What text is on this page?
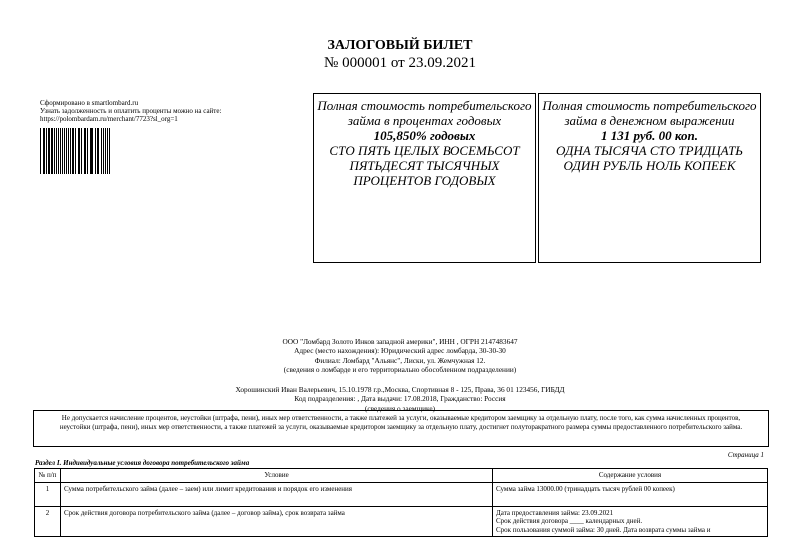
ЗАЛОГОВЫЙ БИЛЕТ
№ 000001 от 23.09.2021
Сформировано в smartlombard.ru
Узнать задолженность и оплатить проценты можно на сайте:
https://polombardam.ru/merchant/7723?sl_org=1
Полная стоимость потребительского займа в процентах годовых
105,850% годовых
СТО ПЯТЬ ЦЕЛЫХ ВОСЕМЬСОТ ПЯТЬДЕСЯТ ТЫСЯЧНЫХ ПРОЦЕНТОВ ГОДОВЫХ
Полная стоимость потребительского займа в денежном выражении
1 131 руб. 00 коп.
ОДНА ТЫСЯЧА СТО ТРИДЦАТЬ ОДИН РУБЛЬ НОЛЬ КОПЕЕК
ООО "Ломбард Золото Инков западной америки", ИНН , ОГРН 2147483647
Адрес (место нахождения): Юридический адрес ломбарда, 30-30-30
Филиал: Ломбард "Альянс", Лиски, ул. Жемчужная 12.
(сведения о ломбарде и его территориально обособленном подразделении)
Хорошинский Иван Валерьевич, 15.10.1978 г.р.,Москва, Спортивная 8 - 125, Права, 36 01 123456, ГИБДД
Код подразделения: , Дата выдачи: 17.08.2018, Гражданство: Россия
(сведения о заемщике)
Не допускается начисление процентов, неустойки (штрафа, пени), иных мер ответственности, а также платежей за услуги, оказываемые кредитором заемщику за отдельную плату, после того, как сумма начисленных процентов, неустойки (штрафа, пени), иных мер ответственности, а также платежей за услуги, оказываемые кредитором заемщику за отдельную плату, достигнет полуторакратного размера суммы предоставленного потребительского займа.
Страница 1
Раздел I. Индивидуальные условия договора потребительского займа
№ п/п	Условие	Содержание условия
1	Сумма потребительского займа (далее – заем) или лимит кредитования и порядок его изменения	Сумма займа 13000.00 (тринадцать тысяч рублей 00 копеек)

2	Срок действия договора потребительского займа (далее – договор займа), срок возврата займа	Дата предоставления займа: 23.09.2021
Срок действия договора ____ календарных дней.
Срок пользования суммой займа: 30 дней. Дата возврата суммы займа и
